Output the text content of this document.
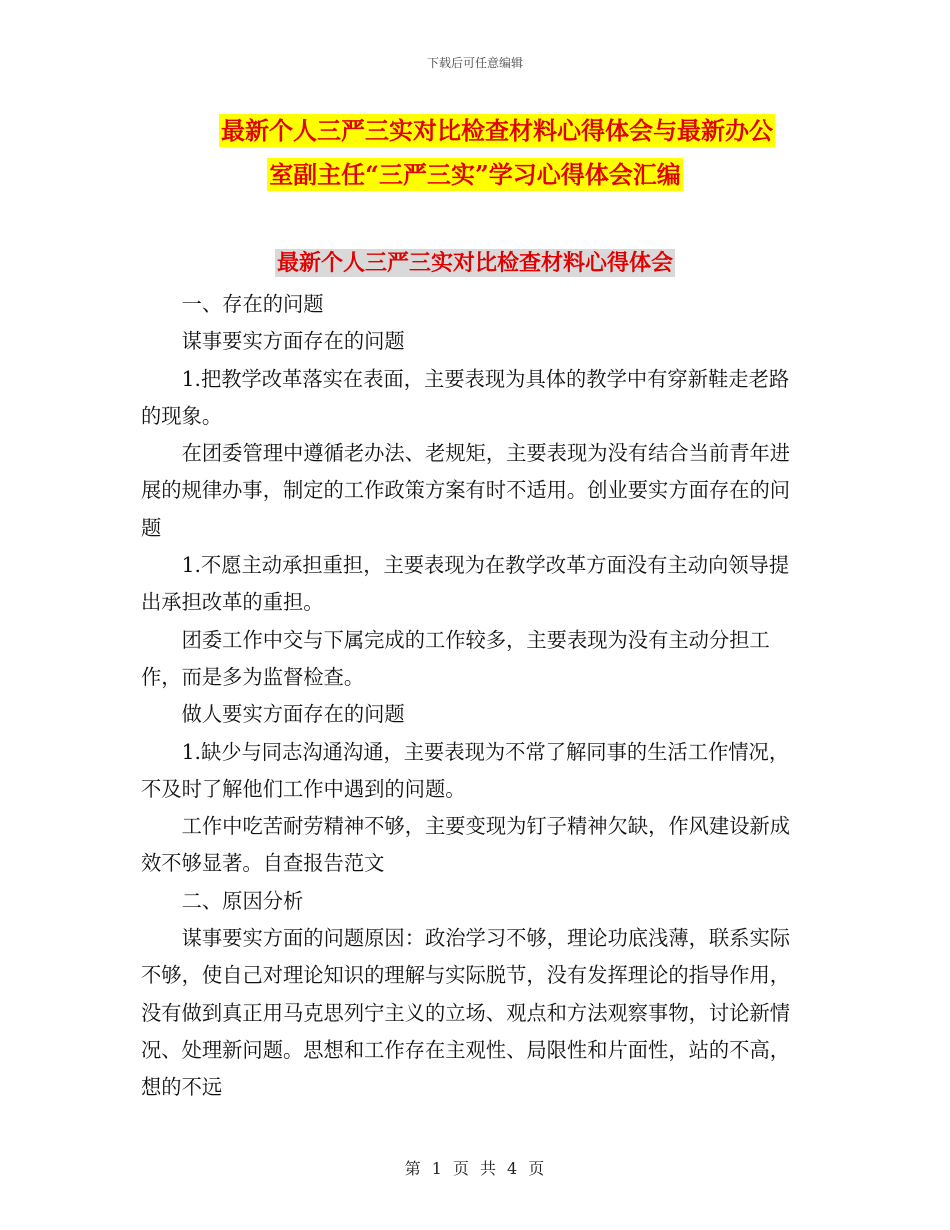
下载后可任意编辑
最新个人三严三实对比检查材料心得体会与最新办公
室副主任“三严三实”学习心得体会汇编
最新个人三严三实对比检查材料心得体会

一、存在的问题

谋事要实方面存在的问题

1.把教学改革落实在表面，主要表现为具体的教学中有穿新鞋走老路的现象。

在团委管理中遵循老办法、老规矩，主要表现为没有结合当前青年进展的规律办事，制定的工作政策方案有时不适用。创业要实方面存在的问题

1.不愿主动承担重担，主要表现为在教学改革方面没有主动向领导提出承担改革的重担。

团委工作中交与下属完成的工作较多，主要表现为没有主动分担工作，而是多为监督检查。

做人要实方面存在的问题

1.缺少与同志沟通沟通，主要表现为不常了解同事的生活工作情况，不及时了解他们工作中遇到的问题。

工作中吃苦耐劳精神不够，主要变现为钉子精神欠缺，作风建设新成效不够显著。自查报告范文

二、原因分析

谋事要实方面的问题原因：政治学习不够，理论功底浅薄，联系实际不够，使自己对理论知识的理解与实际脱节，没有发挥理论的指导作用，没有做到真正用马克思列宁主义的立场、观点和方法观察事物，讨论新情况、处理新问题。思想和工作存在主观性、局限性和片面性，站的不高，想的不远

第 1 页 共 4 页
